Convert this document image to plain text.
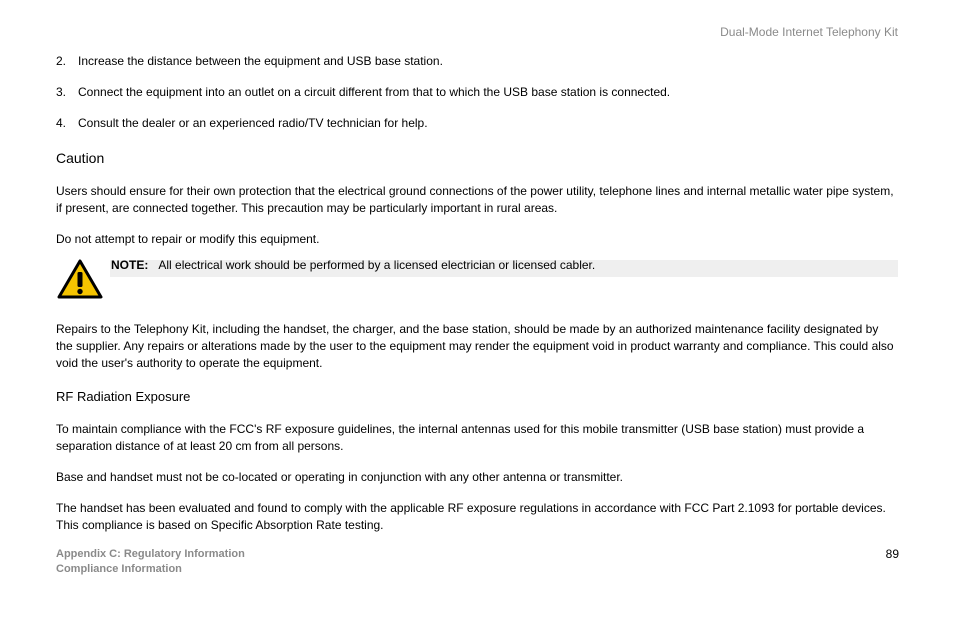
Dual-Mode Internet Telephony Kit
2. Increase the distance between the equipment and USB base station.
3. Connect the equipment into an outlet on a circuit different from that to which the USB base station is connected.
4. Consult the dealer or an experienced radio/TV technician for help.
Caution
Users should ensure for their own protection that the electrical ground connections of the power utility, telephone lines and internal metallic water pipe system, if present, are connected together. This precaution may be particularly important in rural areas.
Do not attempt to repair or modify this equipment.
NOTE: All electrical work should be performed by a licensed electrician or licensed cabler.
Repairs to the Telephony Kit, including the handset, the charger, and the base station, should be made by an authorized maintenance facility designated by the supplier. Any repairs or alterations made by the user to the equipment may render the equipment void in product warranty and compliance. This could also void the user's authority to operate the equipment.
RF Radiation Exposure
To maintain compliance with the FCC's RF exposure guidelines, the internal antennas used for this mobile transmitter (USB base station) must provide a separation distance of at least 20 cm from all persons.
Base and handset must not be co-located or operating in conjunction with any other antenna or transmitter.
The handset has been evaluated and found to comply with the applicable RF exposure regulations in accordance with FCC Part 2.1093 for portable devices. This compliance is based on Specific Absorption Rate testing.
Appendix C: Regulatory Information
Compliance Information
89
